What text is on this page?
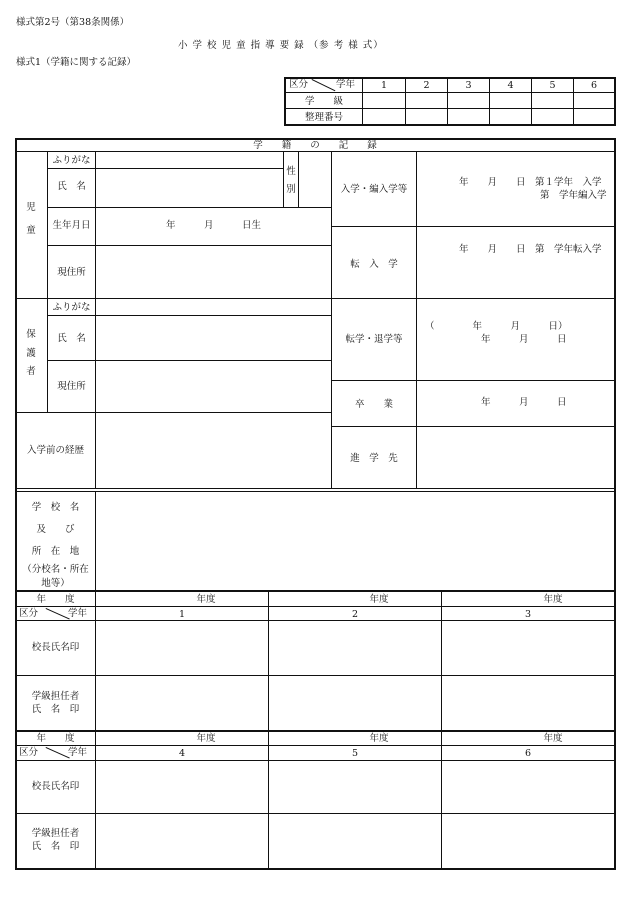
様式第2号（第38条関係）
小 学 校 児 童 指 導 要 録 （参 考 様 式）
様式1（学籍に関する記録）
区分	学年	1	2	3	4	5	6
学　　級
整理番号
学　　籍　　の　　記　　録
児　童
ふりがな
氏　名
性別
生年月日	年　　　月　　　日生
現住所
保　護　者
ふりがな
氏　名
現住所
入学前の経歴
学　校　名
及　　び
所　在　地
（分校名・所在
地等）
入学・編入学等
年　　月　　日　第１学年　入学
第　学年編入学
転　入　学
年　　月　　日　第　学年転入学
転学・退学等
（　　　　年　　　月　　　日）
年　　　月　　　日
卒　　業	年　　　月　　　日
進　学　先
年　　度	年度	年度	年度
区分	学年	1	2	3
校長氏名印
学級担任者
氏　名　印
年　　度	年度	年度	年度
区分	学年	4	5	6
校長氏名印
学級担任者
氏　名　印
